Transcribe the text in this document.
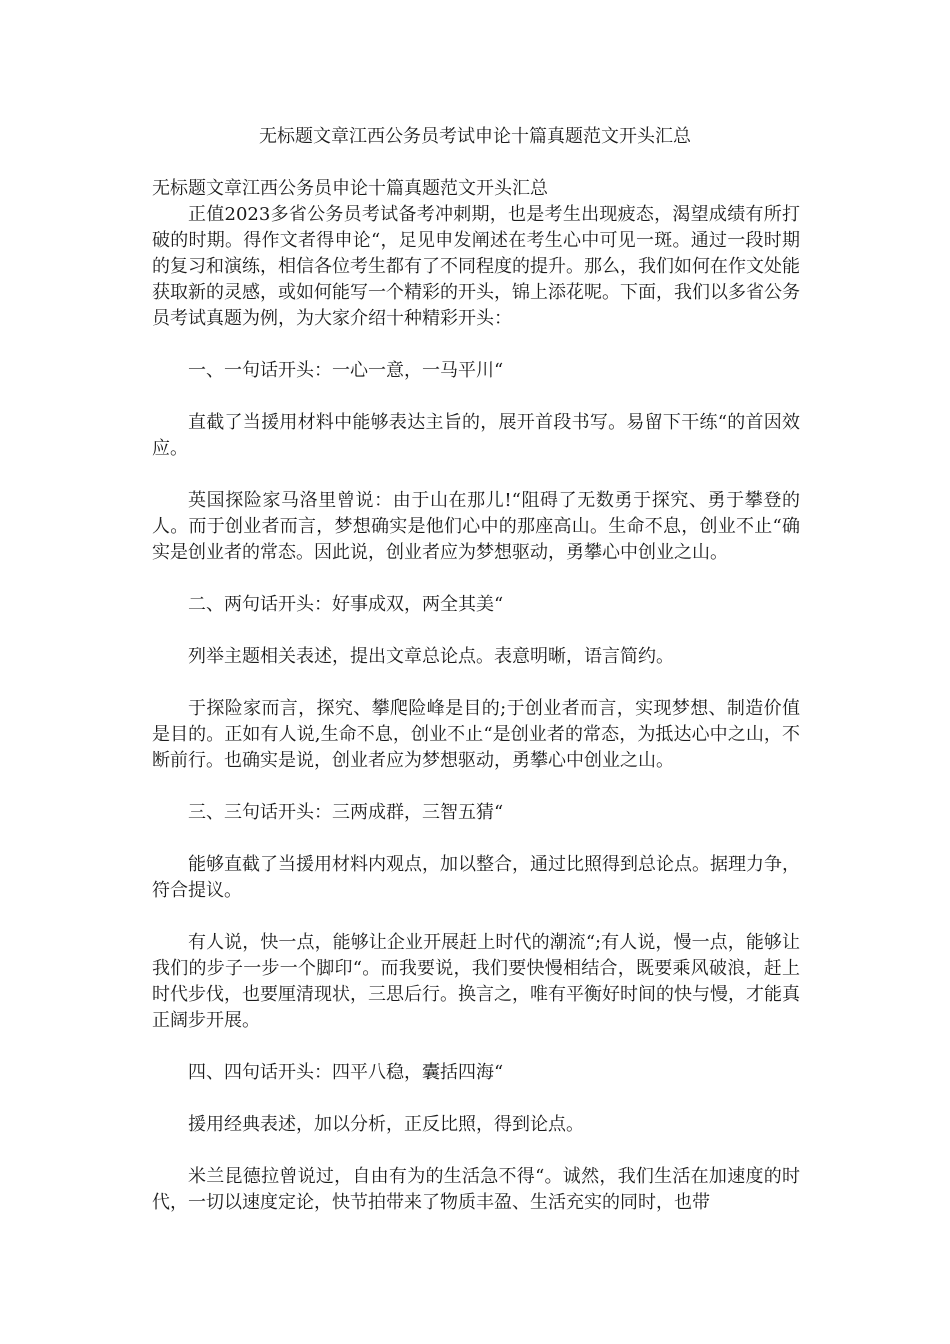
无标题文章江西公务员考试申论十篇真题范文开头汇总

无标题文章江西公务员申论十篇真题范文开头汇总

正值2023多省公务员考试备考冲刺期，也是考生出现疲态，渴望成绩有所打破的时期。得作文者得申论“，足见申发阐述在考生心中可见一斑。通过一段时期的复习和演练，相信各位考生都有了不同程度的提升。那么，我们如何在作文处能获取新的灵感，或如何能写一个精彩的开头，锦上添花呢。下面，我们以多省公务员考试真题为例，为大家介绍十种精彩开头：

一、一句话开头：一心一意，一马平川“

直截了当援用材料中能够表达主旨的，展开首段书写。易留下干练“的首因效应。

英国探险家马洛里曾说：由于山在那儿!“阻碍了无数勇于探究、勇于攀登的人。而于创业者而言，梦想确实是他们心中的那座高山。生命不息，创业不止“确实是创业者的常态。因此说，创业者应为梦想驱动，勇攀心中创业之山。

二、两句话开头：好事成双，两全其美“

列举主题相关表述，提出文章总论点。表意明晰，语言简约。

于探险家而言，探究、攀爬险峰是目的;于创业者而言，实现梦想、制造价值是目的。正如有人说,生命不息，创业不止“是创业者的常态，为抵达心中之山，不断前行。也确实是说，创业者应为梦想驱动，勇攀心中创业之山。

三、三句话开头：三两成群，三智五猜“

能够直截了当援用材料内观点，加以整合，通过比照得到总论点。据理力争，符合提议。

有人说，快一点，能够让企业开展赶上时代的潮流“;有人说，慢一点，能够让我们的步子一步一个脚印“。而我要说，我们要快慢相结合，既要乘风破浪，赶上时代步伐，也要厘清现状，三思后行。换言之，唯有平衡好时间的快与慢，才能真正阔步开展。

四、四句话开头：四平八稳，囊括四海“

援用经典表述，加以分析，正反比照，得到论点。

米兰昆德拉曾说过，自由有为的生活急不得“。诚然，我们生活在加速度的时代，一切以速度定论，快节拍带来了物质丰盈、生活充实的同时，也带
